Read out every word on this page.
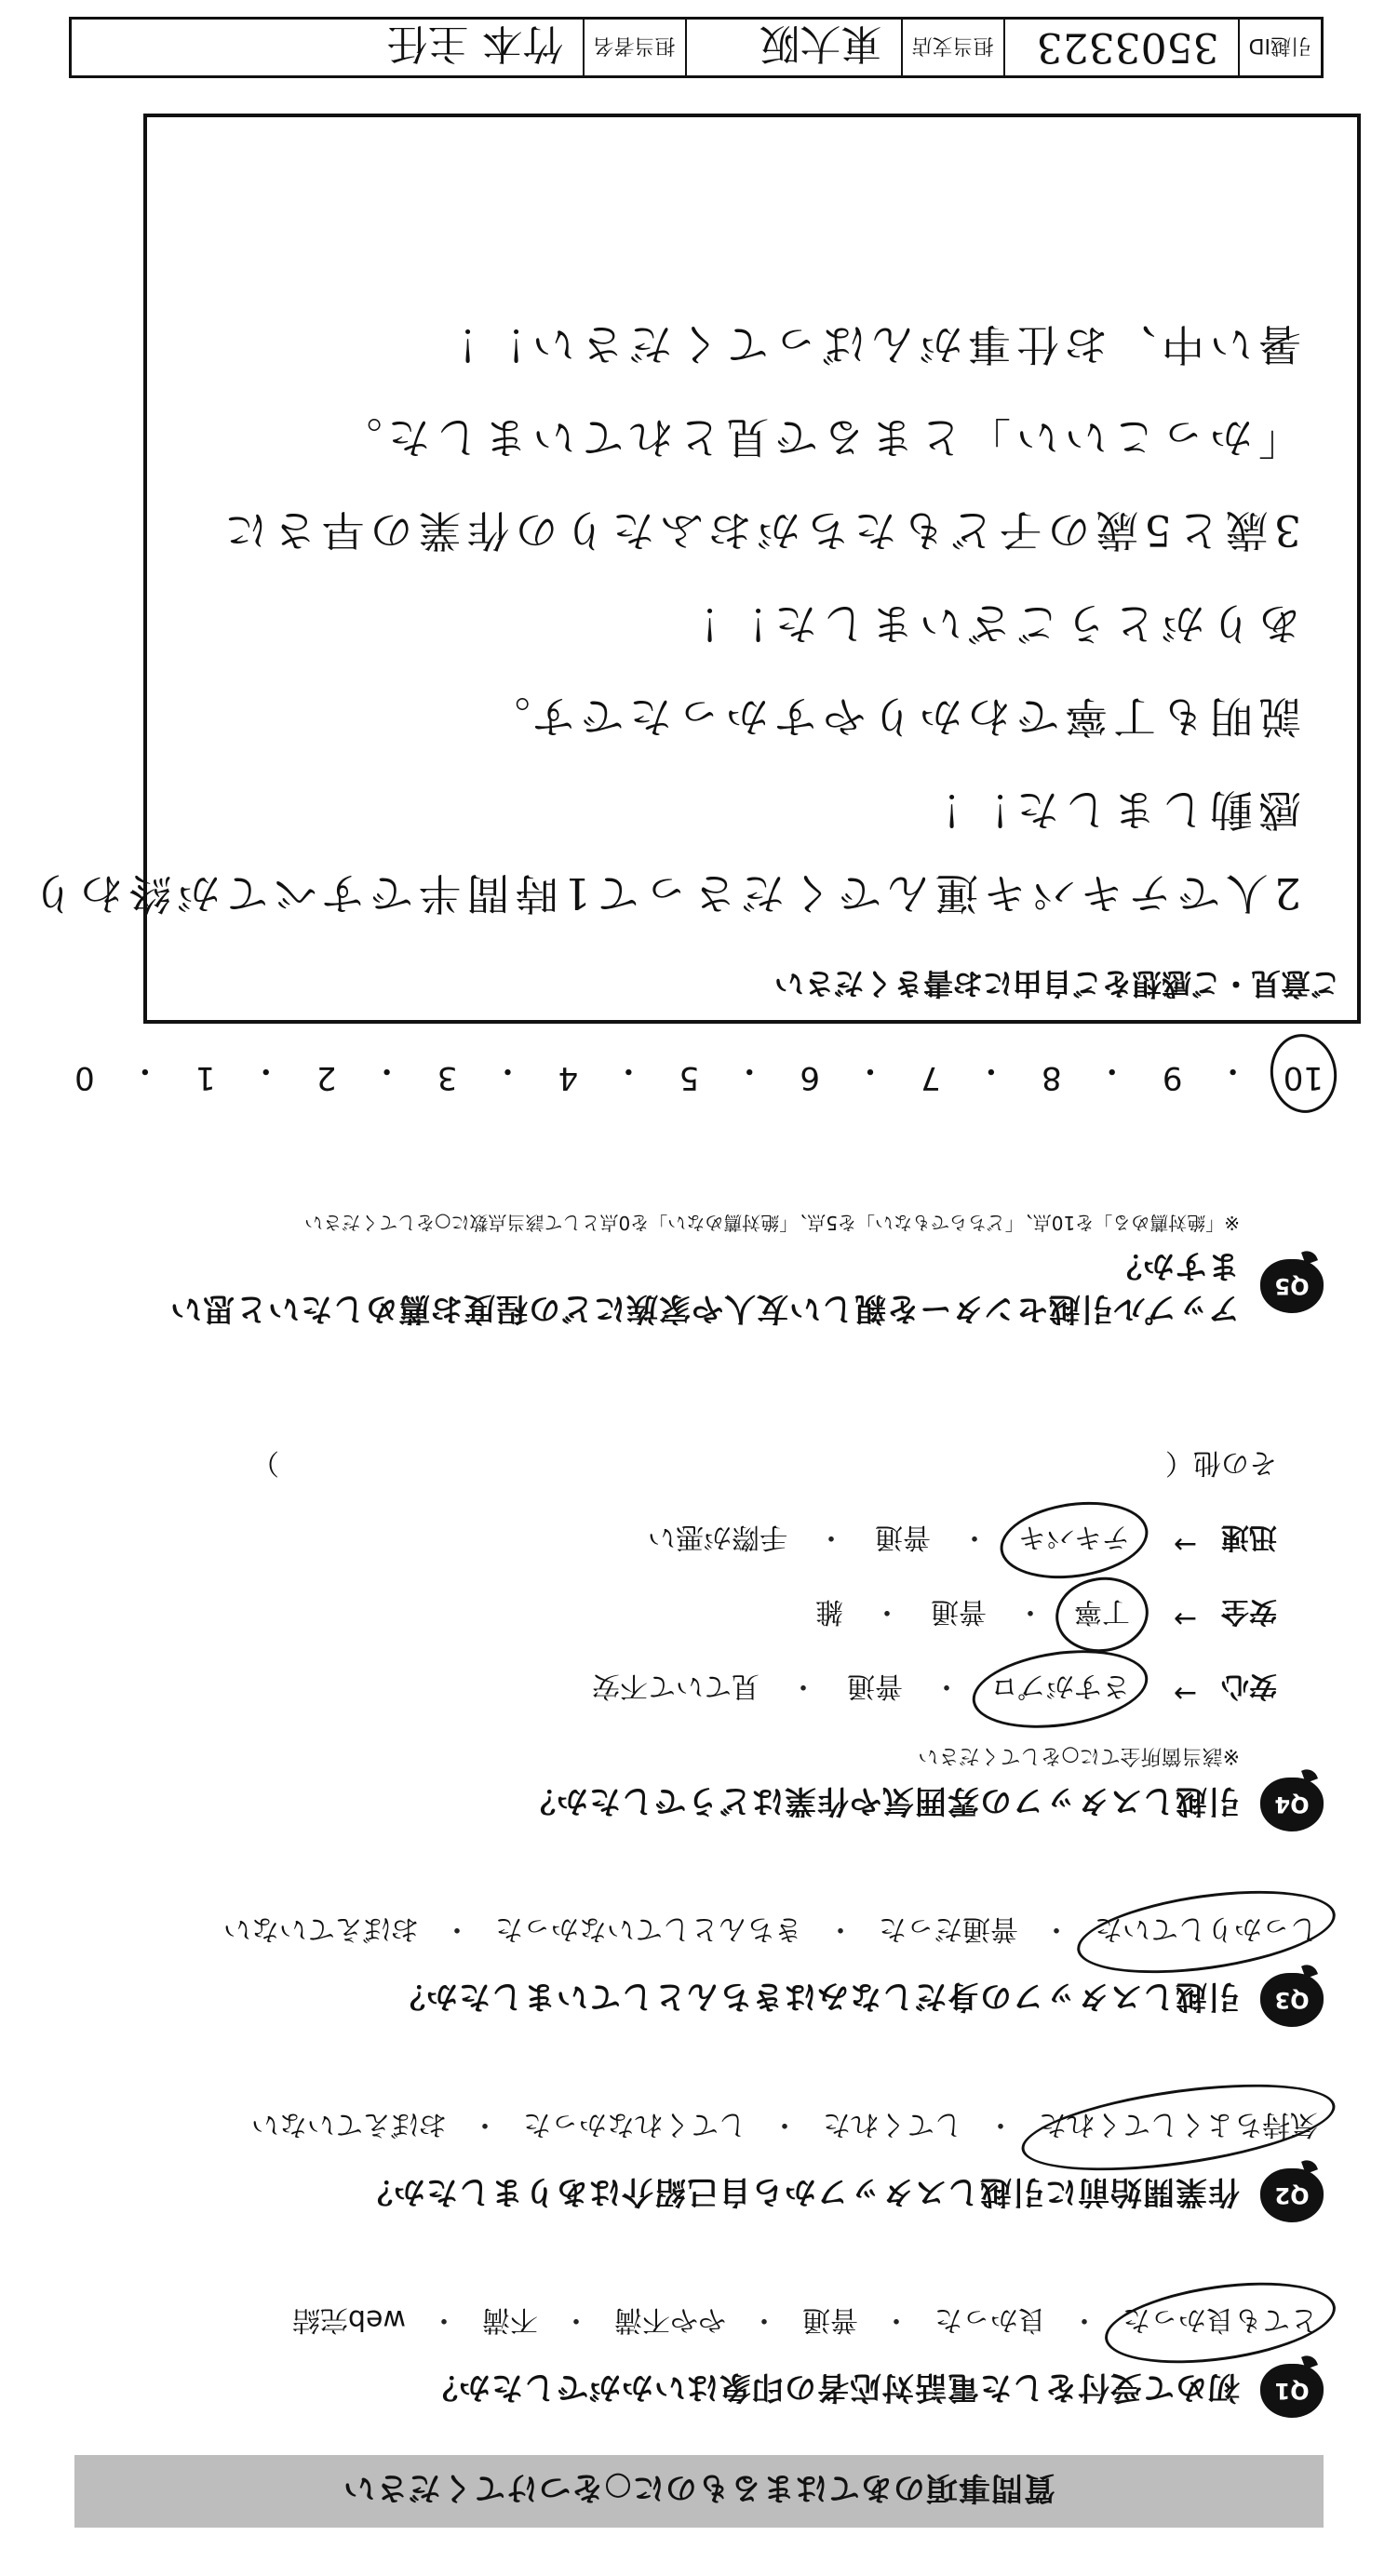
質問事項のあてはまるものに○をつけてください
Q1
初めて受付をした電話対応者の印象はいかがでしたか？
とても良かった
・
良かった
・
普通
・
やや不満
・
不満
・
web完結
Q2
作業開始前に引越しスタッフから自己紹介はありましたか？
気持ちよくしてくれた
・
してくれた
・
してくれなかった
・
おぼえていない
Q3
引越しスタッフの身だしなみはきちんとしていましたか？
しっかりしていた
・
普通だった
・
きちんとしていなかった
・
おぼえていない
Q4
引越しスタッフの雰囲気や作業はどうでしたか？
※該当箇所全てに○をしてください
安心
→
さすがプロ
・
普通
・
見ていて不安
安全
→
丁寧
・
普通
・
雑
迅速
→
テキパキ
・
普通
・
手際が悪い
その他（
）
Q5
アップル引越センターを親しい友人や家族にどの程度お薦めしたいと思いますか？
※「絶対薦める」を10点、「どちらでもない」を5点、「絶対薦めない」を0点として該当点数に○をしてください
10
・
9
・
8
・
7
・
6
・
5
・
4
・
3
・
2
・
1
・
0
ご意見・ご感想をご自由にお書きください
2人でテキパキ運んでくださって1時間半ですべてが終わり
感動しました！！
説明も丁寧でわかりやすかったです。
ありがとうございました！！
3歳と5歳の子どもたちがおふたりの作業の早さに
「かっこいい」とまるで見とれていました。
暑い中、お仕事がんばってください！！
引越ID
3503323
担当支店
東大阪
担当者名
竹本 主任
